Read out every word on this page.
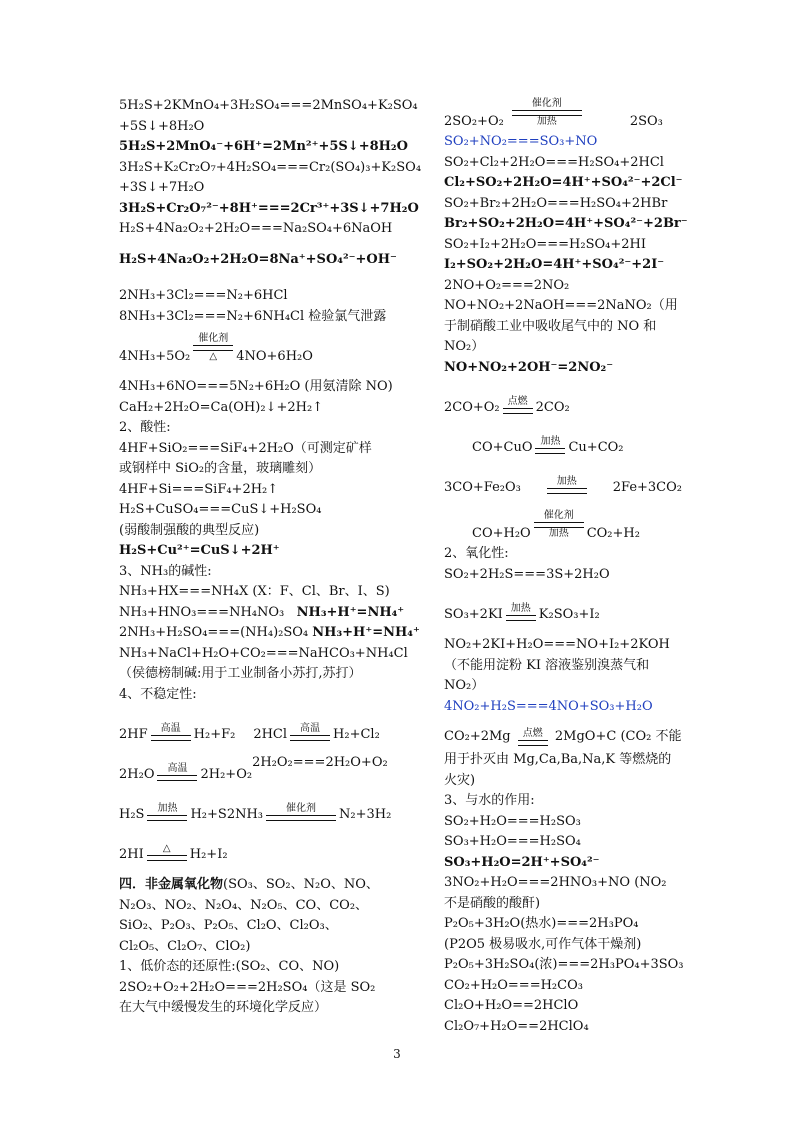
5H₂S+2KMnO₄+3H₂SO₄===2MnSO₄+K₂SO₄
+5S↓+8H₂O
5H₂S+2MnO₄⁻+6H⁺=2Mn²⁺+5S↓+8H₂O
3H₂S+K₂Cr₂O₇+4H₂SO₄===Cr₂(SO₄)₃+K₂SO₄
+3S↓+7H₂O
3H₂S+Cr₂O₇²⁻+8H⁺===2Cr³⁺+3S↓+7H₂O
H₂S+4Na₂O₂+2H₂O===Na₂SO₄+6NaOH
H₂S+4Na₂O₂+2H₂O=8Na⁺+SO₄²⁻+OH⁻
2NH₃+3Cl₂===N₂+6HCl
8NH₃+3Cl₂===N₂+6NH₄Cl 检验氯气泄露
4NH₃+5O₂
催化剂
△ 4NO+6H₂O
4NH₃+6NO===5N₂+6H₂O (用氨清除 NO)
CaH₂+2H₂O=Ca(OH)₂↓+2H₂↑
2、酸性:
4HF+SiO₂===SiF₄+2H₂O（可测定矿样或钢样中 SiO₂的含量，玻璃雕刻）
4HF+Si===SiF₄+2H₂↑
H₂S+CuSO₄===CuS↓+H₂SO₄
(弱酸制强酸的典型反应)
H₂S+Cu²⁺=CuS↓+2H⁺
3、NH₃的碱性:
NH₃+HX===NH₄X (X：F、Cl、Br、I、S)
NH₃+HNO₃===NH₄NO₃ NH₃+H⁺=NH₄⁺
2NH₃+H₂SO₄===(NH₄)₂SO₄ NH₃+H⁺=NH₄⁺
NH₃+NaCl+H₂O+CO₂===NaHCO₃+NH₄Cl
（侯德榜制碱:用于工业制备小苏打,苏打）
4、不稳定性:
2HF 高温 H₂+F₂ 2HCl 高温 H₂+Cl₂
2H₂O 高温 2H₂+O₂
2H₂O₂===2H₂O+O₂
H₂S 加热 H₂+S 2NH₃ 催化剂 N₂+3H₂
2HI △ H₂+I₂
四．非金属氧化物(SO₃、SO₂、N₂O、NO、N₂O₃、NO₂、N₂O₄、N₂O₅、CO、CO₂、SiO₂、P₂O₃、P₂O₅、Cl₂O、Cl₂O₃、Cl₂O₅、Cl₂O₇、ClO₂)
1、低价态的还原性:(SO₂、CO、NO)
2SO₂+O₂+2H₂O===2H₂SO₄（这是 SO₂在大气中缓慢发生的环境化学反应）
2SO₂+O₂
催化剂
加热	2SO₃
SO₂+NO₂===SO₃+NO
SO₂+Cl₂+2H₂O===H₂SO₄+2HCl
Cl₂+SO₂+2H₂O=4H⁺+SO₄²⁻+2Cl⁻
SO₂+Br₂+2H₂O===H₂SO₄+2HBr
Br₂+SO₂+2H₂O=4H⁺+SO₄²⁻+2Br⁻
SO₂+I₂+2H₂O===H₂SO₄+2HI
I₂+SO₂+2H₂O=4H⁺+SO₄²⁻+2I⁻
2NO+O₂===2NO₂
NO+NO₂+2NaOH===2NaNO₂（用于制硝酸工业中吸收尾气中的 NO 和 NO₂）
NO+NO₂+2OH⁻=2NO₂⁻
2CO+O₂ 点燃 2CO₂
CO+CuO 加热 Cu+CO₂
3CO+Fe₂O₃	加热	2Fe+3CO₂
CO+H₂O
催化剂
加热 CO₂+H₂
2、氧化性:
SO₂+2H₂S===3S+2H₂O
SO₃+2KI 加热 K₂SO₃+I₂
NO₂+2KI+H₂O===NO+I₂+2KOH（不能用淀粉 KI 溶液鉴别溴蒸气和 NO₂）
4NO₂+H₂S===4NO+SO₃+H₂O
CO₂+2Mg 点燃 2MgO+C (CO₂ 不能用于扑灭由 Mg,Ca,Ba,Na,K 等燃烧的火灾)
3、与水的作用:
SO₂+H₂O===H₂SO₃
SO₃+H₂O===H₂SO₄
SO₃+H₂O=2H⁺+SO₄²⁻
3NO₂+H₂O===2HNO₃+NO (NO₂ 不是硝酸的酸酐)
P₂O₅+3H₂O(热水)===2H₃PO₄ (P2O5 极易吸水,可作气体干燥剂)
P₂O₅+3H₂SO₄(浓)===2H₃PO₄+3SO₃
CO₂+H₂O===H₂CO₃
Cl₂O+H₂O==2HClO
Cl₂O₇+H₂O==2HClO₄
3
